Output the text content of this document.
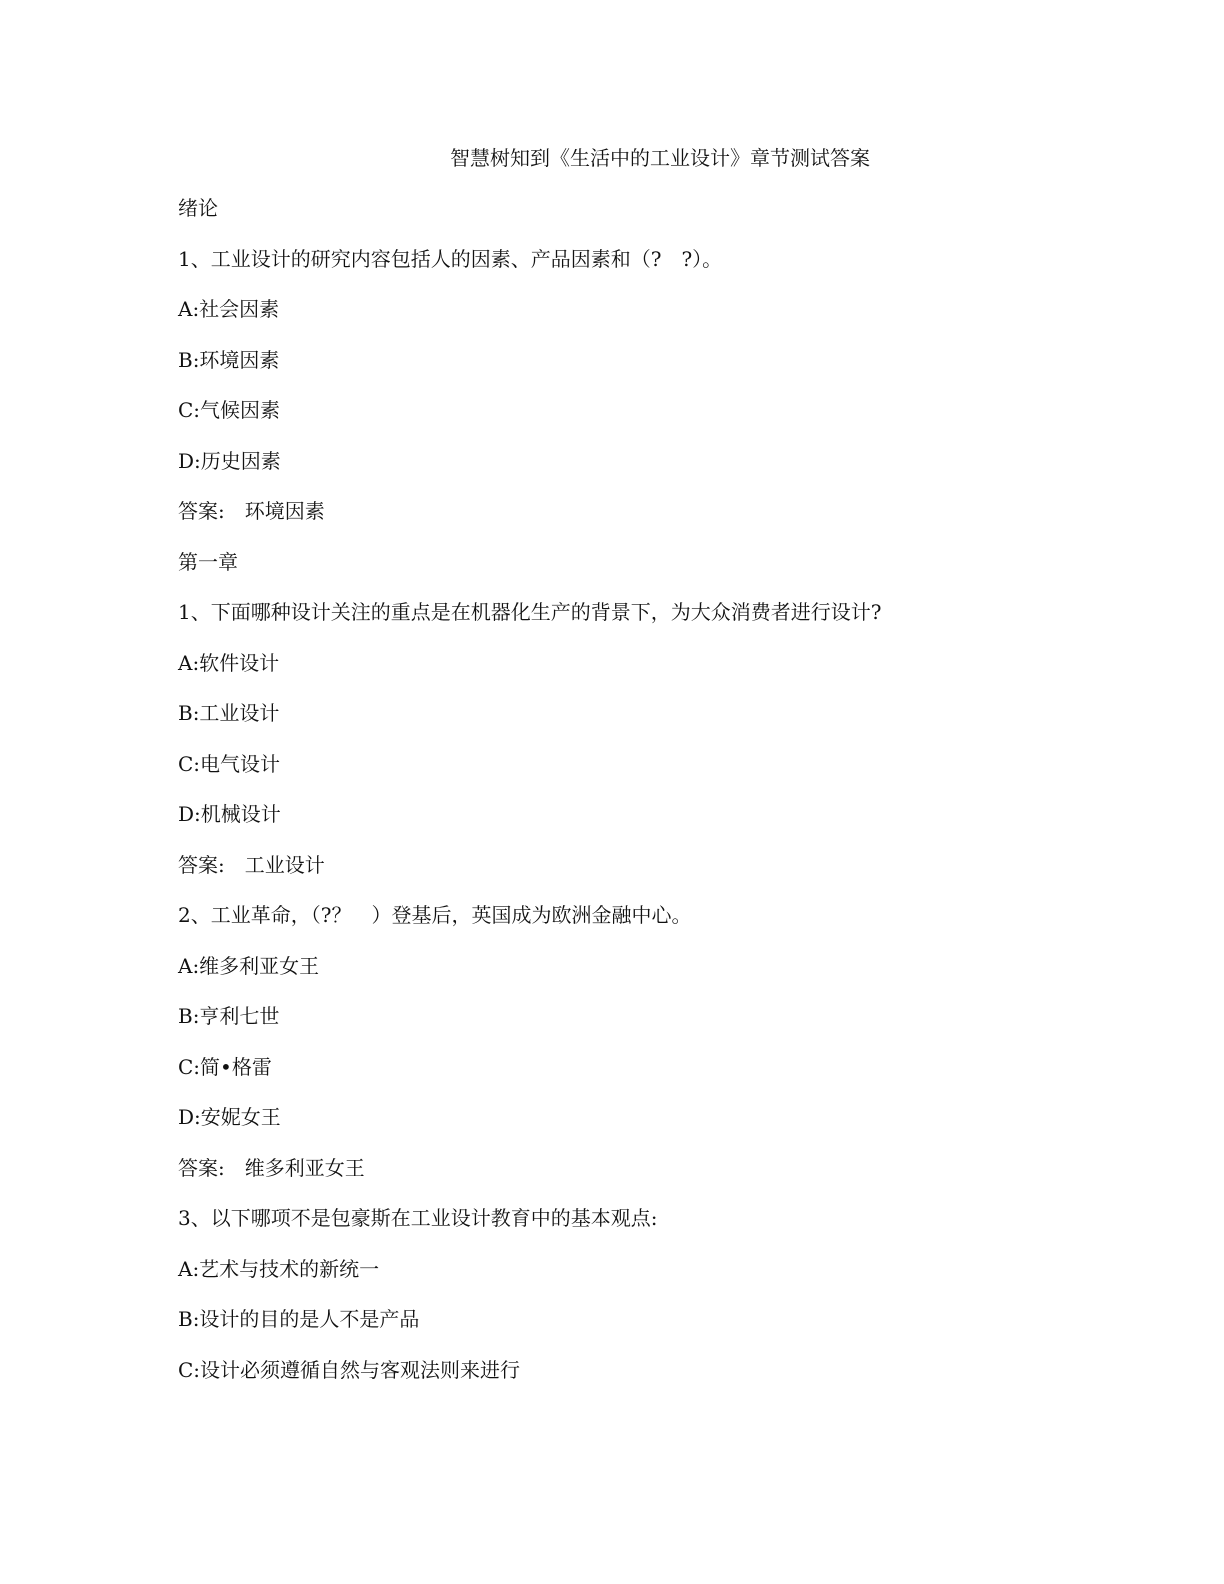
智慧树知到《生活中的工业设计》章节测试答案
绪论
1、工业设计的研究内容包括人的因素、产品因素和（?　?）。
A:社会因素
B:环境因素
C:气候因素
D:历史因素
答案:　环境因素
第一章
1、下面哪种设计关注的重点是在机器化生产的背景下，为大众消费者进行设计?
A:软件设计
B:工业设计
C:电气设计
D:机械设计
答案:　工业设计
2、工业革命，（?？　）登基后，英国成为欧洲金融中心。
A:维多利亚女王
B:亨利七世
C:简•格雷
D:安妮女王
答案:　维多利亚女王
3、以下哪项不是包豪斯在工业设计教育中的基本观点:
A:艺术与技术的新统一
B:设计的目的是人不是产品
C:设计必须遵循自然与客观法则来进行
